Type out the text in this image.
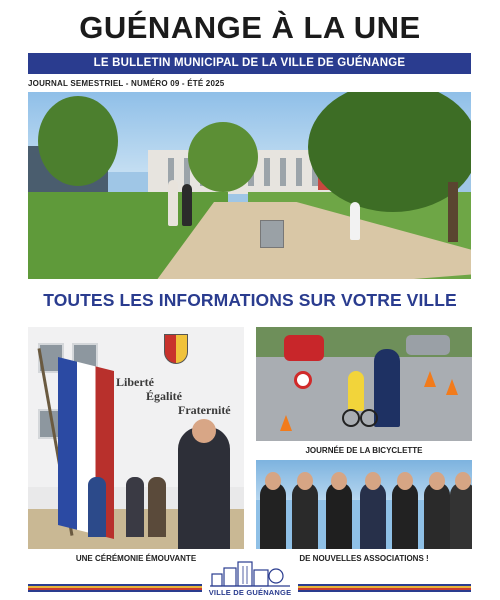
GUÉNANGE À LA UNE
LE BULLETIN MUNICIPAL DE LA VILLE DE GUÉNANGE
JOURNAL SEMESTRIEL - NUMÉRO 09 - ÉTÉ 2025
TOUTES LES INFORMATIONS SUR VOTRE VILLE
Liberté
Égalité
Fraternité
JOURNÉE DE LA BICYCLETTE
UNE CÉRÉMONIE ÉMOUVANTE	DE NOUVELLES ASSOCIATIONS !
VILLE DE GUÉNANGE
